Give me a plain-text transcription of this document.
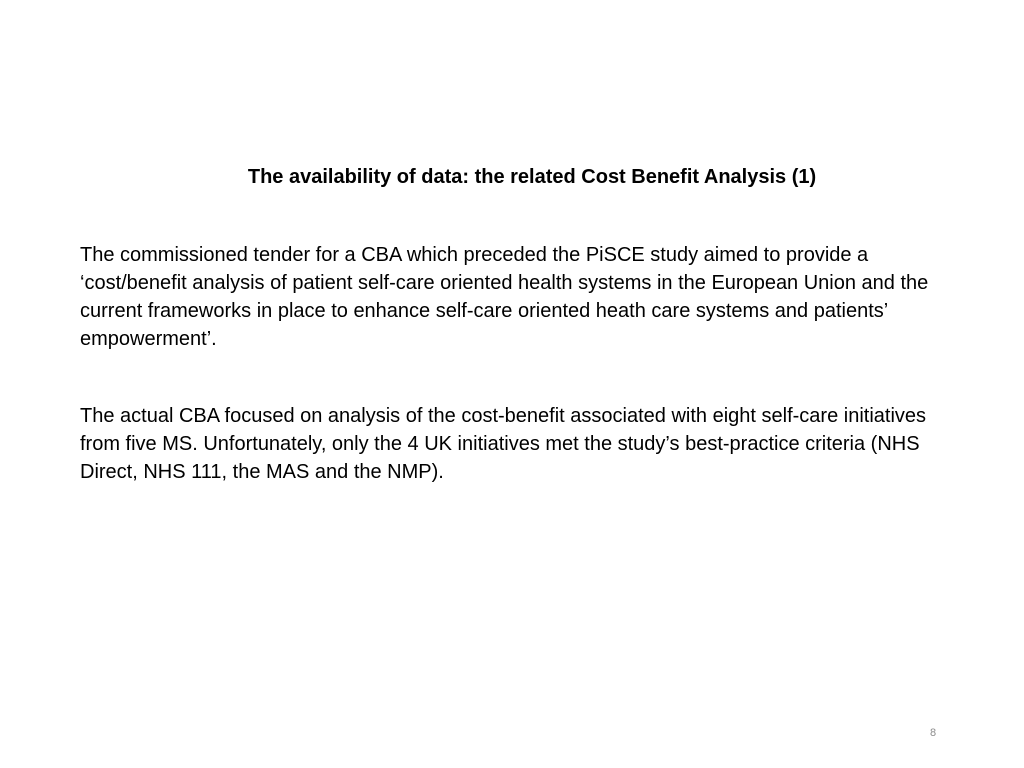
The availability of data: the related Cost Benefit Analysis (1)

The commissioned tender for a CBA which preceded the PiSCE study aimed to provide a ‘cost/benefit analysis of patient self-care oriented health systems in the European Union and the current frameworks in place to enhance self-care oriented heath care systems and patients’ empowerment’.

The actual CBA focused on analysis of the cost-benefit associated with eight self-care initiatives from five MS. Unfortunately, only the 4 UK initiatives met the study’s best-practice criteria (NHS Direct, NHS 111, the MAS and the NMP).

8
